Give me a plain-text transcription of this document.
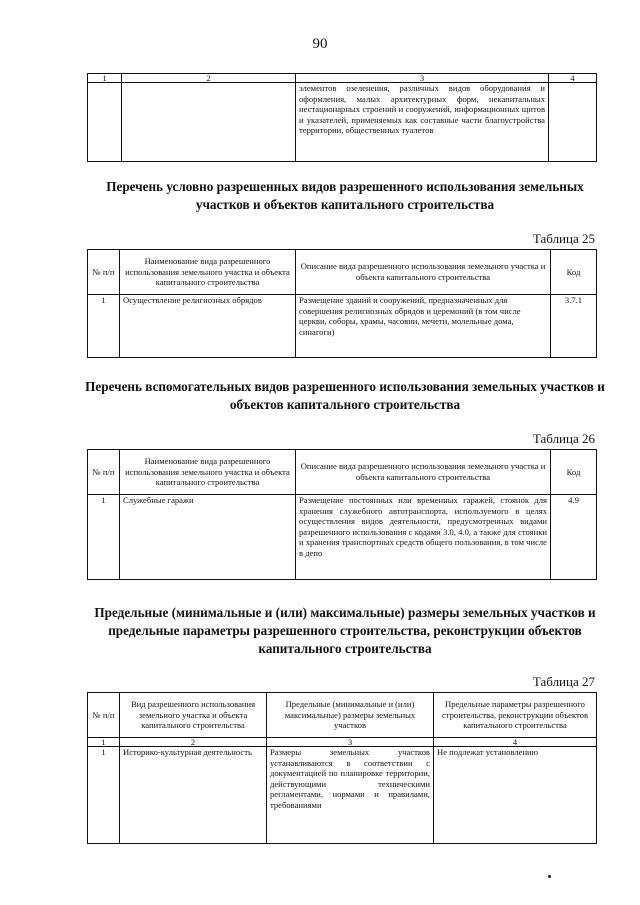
90
1	2	3	4
		элементов озеленения, различных видов оборудования и оформления, малых архитектурных форм, некапитальных нестационарных строений и сооружений, информационных щитов и указателей, применяемых как составные части благоустройства территории, общественных туалетов	
Перечень условно разрешенных видов разрешенного использования земельных участков и объектов капитального строительства
Таблица 25
№ п/п	Наименование вида разрешенного использования земельного участка и объекта капитального строительства	Описание вида разрешенного использования земельного участка и объекта капитального строительства	Код
1	Осуществление религиозных обрядов	Размещение зданий и сооружений, предназначенных для совершения религиозных обрядов и церемоний (в том числе церкви, соборы, храмы, часовни, мечети, молельные дома, синагоги)	3.7.1
Перечень вспомогательных видов разрешенного использования земельных участков и объектов капитального строительства
Таблица 26
№ п/п	Наименование вида разрешенного использования земельного участка и объекта капитального строительства	Описание вида разрешенного использования земельного участка и объекта капитального строительства	Код
1	Служебные гаражи	Размещение постоянных или временных гаражей, стоянок для хранения служебного автотранспорта, используемого в целях осуществления видов деятельности, предусмотренных видами разрешенного использования с кодами 3.0, 4.0, а также для стоянки и хранения транспортных средств общего пользования, в том числе в депо	4.9
Предельные (минимальные и (или) максимальные) размеры земельных участков и предельные параметры разрешенного строительства, реконструкции объектов капитального строительства
Таблица 27
№ п/п	Вид разрешенного использования земельного участка и объекта капитального строительства	Предельные (минимальные и (или) максимальные) размеры земельных участков	Предельные параметры разрешенного строительства, реконструкции объектов капитального строительства
1	2	3	4
1	Историко-культурная деятельность	Размеры земельных участков устанавливаются в соответствии с документацией по планировке территории, действующими техническими регламентами, нормами и правилами, требованиями	Не подлежат установлению
